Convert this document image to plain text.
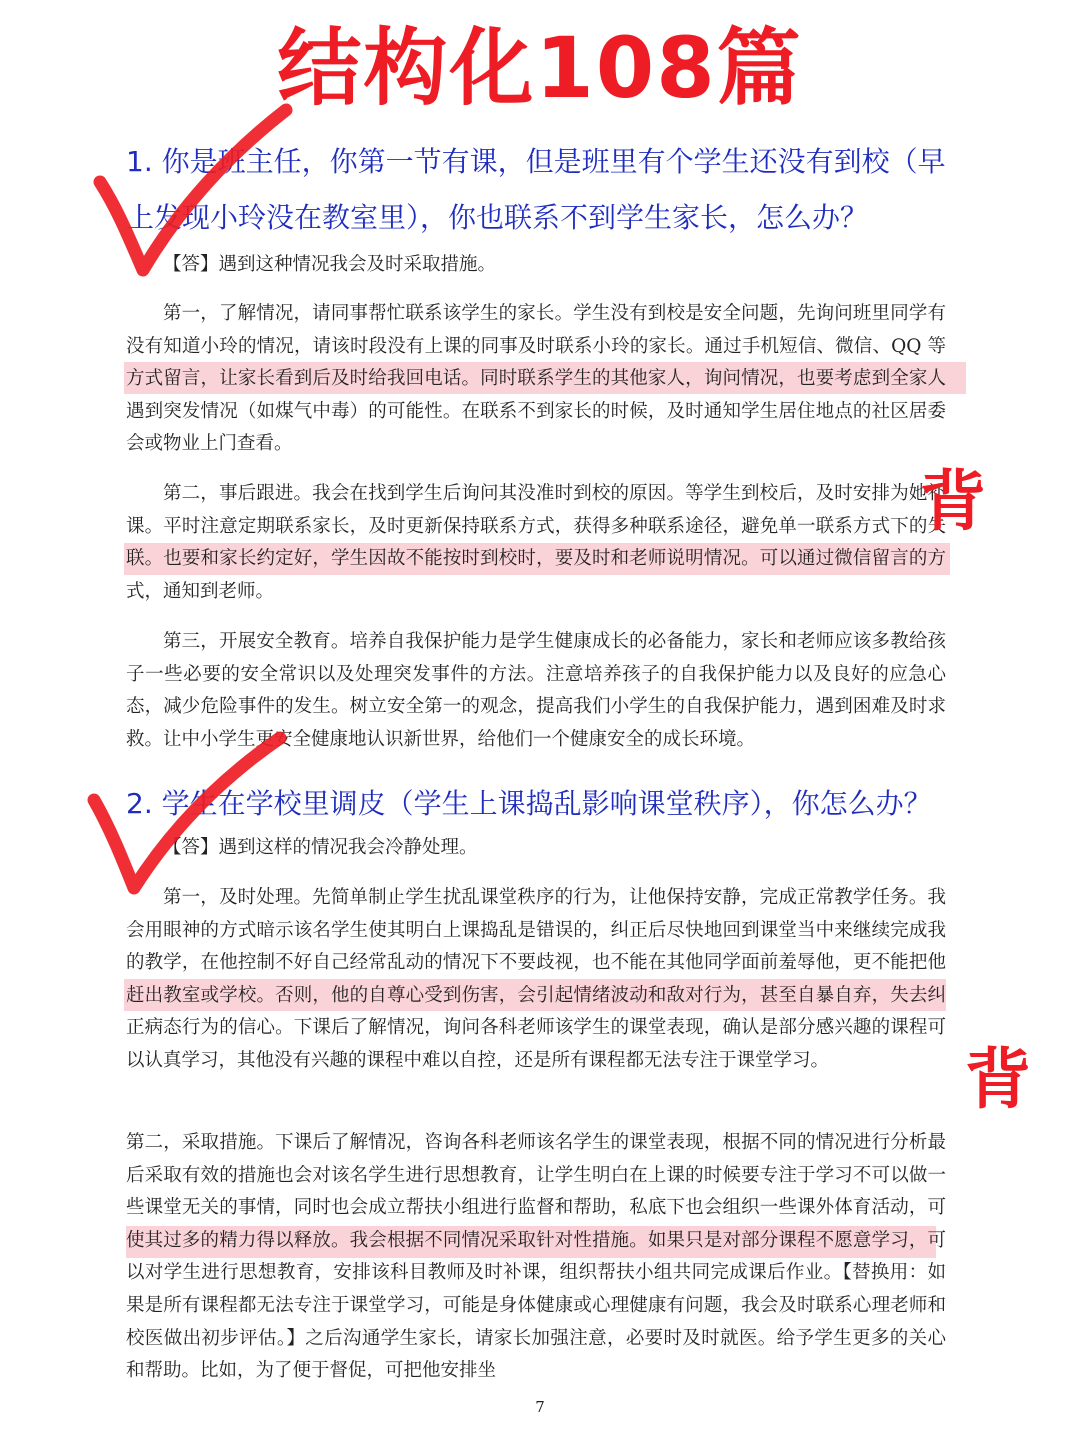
结构化108篇
1. 你是班主任，你第一节有课，但是班里有个学生还没有到校（早上发现小玲没在教室里），你也联系不到学生家长，怎么办？
【答】遇到这种情况我会及时采取措施。
第一，了解情况，请同事帮忙联系该学生的家长。学生没有到校是安全问题，先询问班里同学有没有知道小玲的情况，请该时段没有上课的同事及时联系小玲的家长。通过手机短信、微信、QQ 等方式留言，让家长看到后及时给我回电话。同时联系学生的其他家人，询问情况，也要考虑到全家人遇到突发情况（如煤气中毒）的可能性。在联系不到家长的时候，及时通知学生居住地点的社区居委会或物业上门查看。
第二，事后跟进。我会在找到学生后询问其没准时到校的原因。等学生到校后，及时安排为她补课。平时注意定期联系家长，及时更新保持联系方式，获得多种联系途径，避免单一联系方式下的失联。也要和家长约定好，学生因故不能按时到校时，要及时和老师说明情况。可以通过微信留言的方式，通知到老师。
第三，开展安全教育。培养自我保护能力是学生健康成长的必备能力，家长和老师应该多教给孩子一些必要的安全常识以及处理突发事件的方法。注意培养孩子的自我保护能力以及良好的应急心态，减少危险事件的发生。树立安全第一的观念，提高我们小学生的自我保护能力，遇到困难及时求救。让中小学生更安全健康地认识新世界，给他们一个健康安全的成长环境。
2. 学生在学校里调皮（学生上课捣乱影响课堂秩序），你怎么办？
【答】遇到这样的情况我会冷静处理。
第一，及时处理。先简单制止学生扰乱课堂秩序的行为，让他保持安静，完成正常教学任务。我会用眼神的方式暗示该名学生使其明白上课捣乱是错误的，纠正后尽快地回到课堂当中来继续完成我的教学，在他控制不好自己经常乱动的情况下不要歧视，也不能在其他同学面前羞辱他，更不能把他赶出教室或学校。否则，他的自尊心受到伤害，会引起情绪波动和敌对行为，甚至自暴自弃，失去纠正病态行为的信心。下课后了解情况，询问各科老师该学生的课堂表现，确认是部分感兴趣的课程可以认真学习，其他没有兴趣的课程中难以自控，还是所有课程都无法专注于课堂学习。
第二，采取措施。下课后了解情况，咨询各科老师该名学生的课堂表现，根据不同的情况进行分析最后采取有效的措施也会对该名学生进行思想教育，让学生明白在上课的时候要专注于学习不可以做一些课堂无关的事情，同时也会成立帮扶小组进行监督和帮助，私底下也会组织一些课外体育活动，可使其过多的精力得以释放。我会根据不同情况采取针对性措施。如果只是对部分课程不愿意学习，可以对学生进行思想教育，安排该科目教师及时补课，组织帮扶小组共同完成课后作业。【替换用：如果是所有课程都无法专注于课堂学习，可能是身体健康或心理健康有问题，我会及时联系心理老师和校医做出初步评估。】之后沟通学生家长，请家长加强注意，必要时及时就医。给予学生更多的关心和帮助。比如，为了便于督促，可把他安排坐
背
背
7
